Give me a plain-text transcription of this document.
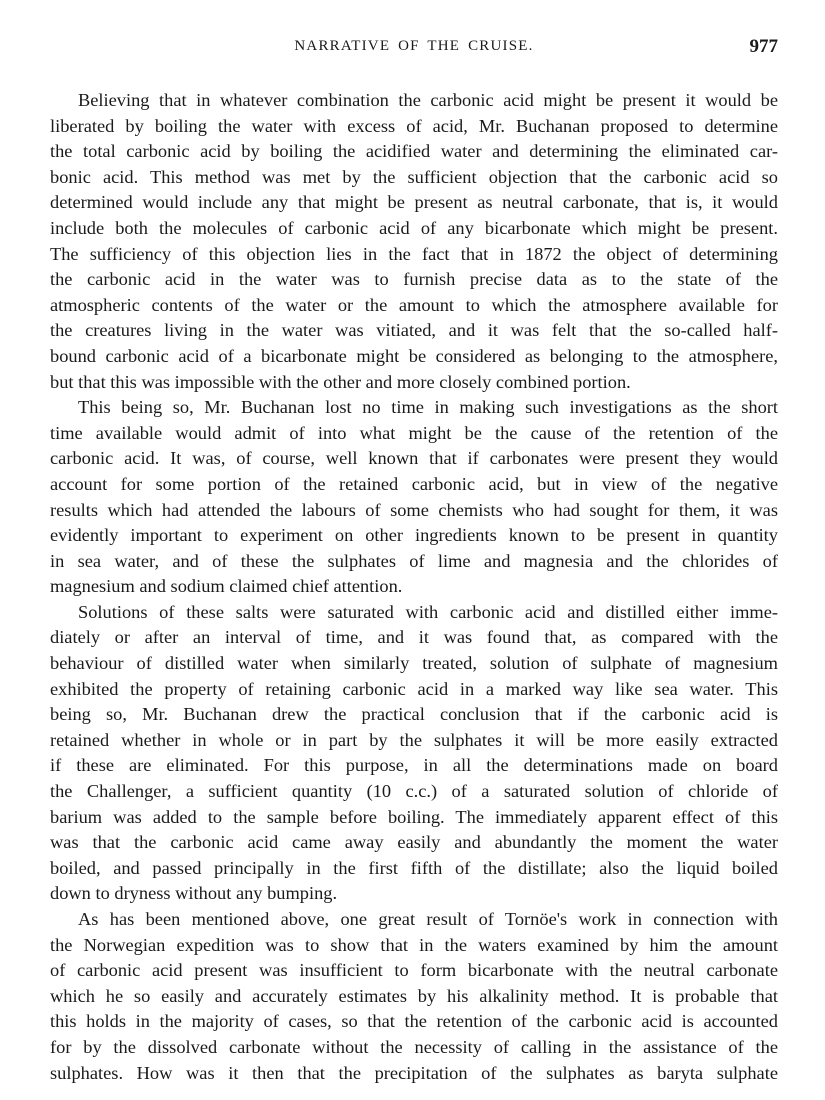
NARRATIVE OF THE CRUISE.	977

Believing that in whatever combination the carbonic acid might be present it would be
liberated by boiling the water with excess of acid, Mr. Buchanan proposed to determine
the total carbonic acid by boiling the acidified water and determining the eliminated car-
bonic acid. This method was met by the sufficient objection that the carbonic acid so
determined would include any that might be present as neutral carbonate, that is, it would
include both the molecules of carbonic acid of any bicarbonate which might be present.
The sufficiency of this objection lies in the fact that in 1872 the object of determining
the carbonic acid in the water was to furnish precise data as to the state of the
atmospheric contents of the water or the amount to which the atmosphere available for
the creatures living in the water was vitiated, and it was felt that the so-called half-
bound carbonic acid of a bicarbonate might be considered as belonging to the atmosphere,
but that this was impossible with the other and more closely combined portion.

This being so, Mr. Buchanan lost no time in making such investigations as the short
time available would admit of into what might be the cause of the retention of the
carbonic acid. It was, of course, well known that if carbonates were present they would
account for some portion of the retained carbonic acid, but in view of the negative
results which had attended the labours of some chemists who had sought for them, it was
evidently important to experiment on other ingredients known to be present in quantity
in sea water, and of these the sulphates of lime and magnesia and the chlorides of
magnesium and sodium claimed chief attention.

Solutions of these salts were saturated with carbonic acid and distilled either imme-
diately or after an interval of time, and it was found that, as compared with the
behaviour of distilled water when similarly treated, solution of sulphate of magnesium
exhibited the property of retaining carbonic acid in a marked way like sea water. This
being so, Mr. Buchanan drew the practical conclusion that if the carbonic acid is
retained whether in whole or in part by the sulphates it will be more easily extracted
if these are eliminated. For this purpose, in all the determinations made on board
the Challenger, a sufficient quantity (10 c.c.) of a saturated solution of chloride of
barium was added to the sample before boiling. The immediately apparent effect of this
was that the carbonic acid came away easily and abundantly the moment the water
boiled, and passed principally in the first fifth of the distillate; also the liquid boiled
down to dryness without any bumping.

As has been mentioned above, one great result of Tornöe's work in connection with
the Norwegian expedition was to show that in the waters examined by him the amount
of carbonic acid present was insufficient to form bicarbonate with the neutral carbonate
which he so easily and accurately estimates by his alkalinity method. It is probable that
this holds in the majority of cases, so that the retention of the carbonic acid is accounted
for by the dissolved carbonate without the necessity of calling in the assistance of the
sulphates. How was it then that the precipitation of the sulphates as baryta sulphate
